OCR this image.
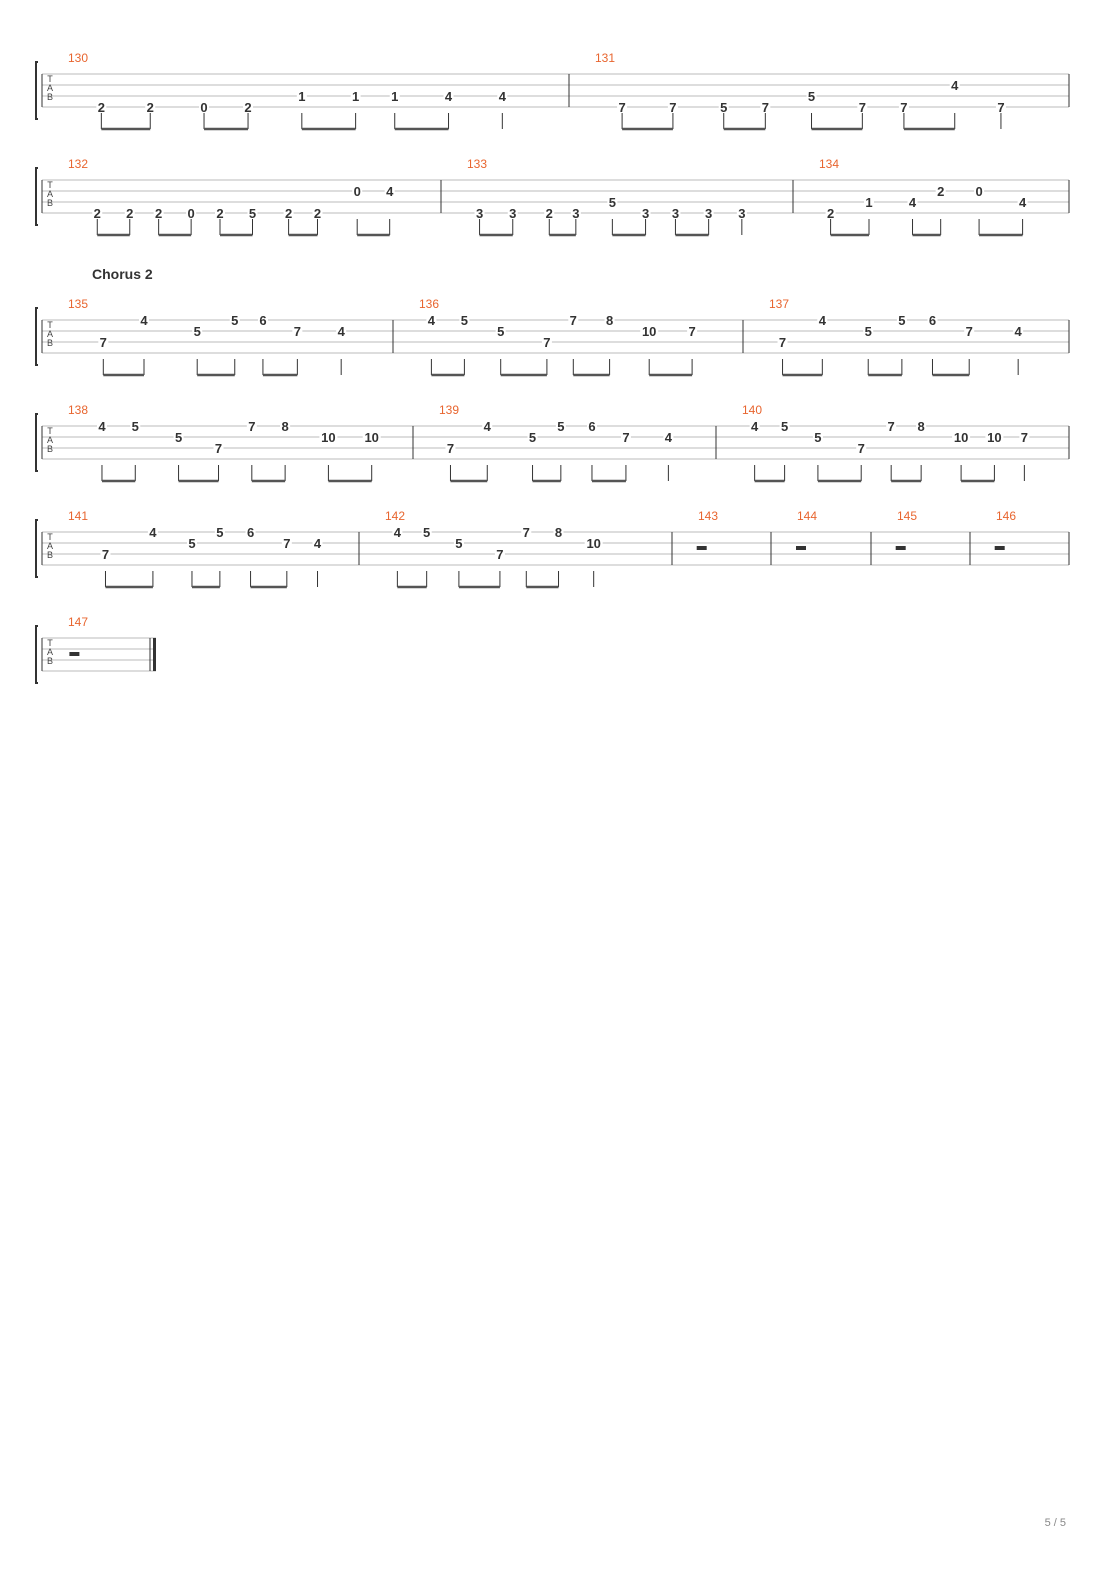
T
A
B
130
2	2	0	2
1	1 1	4	4
131
7	7	5	7
5
7	7
4
7
T
A
B
132
2 2 2 0 2 5 2 2
0 4
133
3 3 2 3
5
3 3 3 3
134
2
1	4
2 0
4
T
A
B
135
7
4
5
5 6
7	4
136
4 5
5
7
7 8
10 7
137
7
4
5
5 6
7	4
T
A
B
138
4 5
5
7
7 8
10 10
139
7
4
5
5 6
7	4
140
4 5
5
7
7 8
10 10 7
T
A
B
141
7
4
5
5 6
7 4
142
4 5
5
7
7 8
10
143	144	145	146
T
A
B
147
Chorus 2
5 / 5
